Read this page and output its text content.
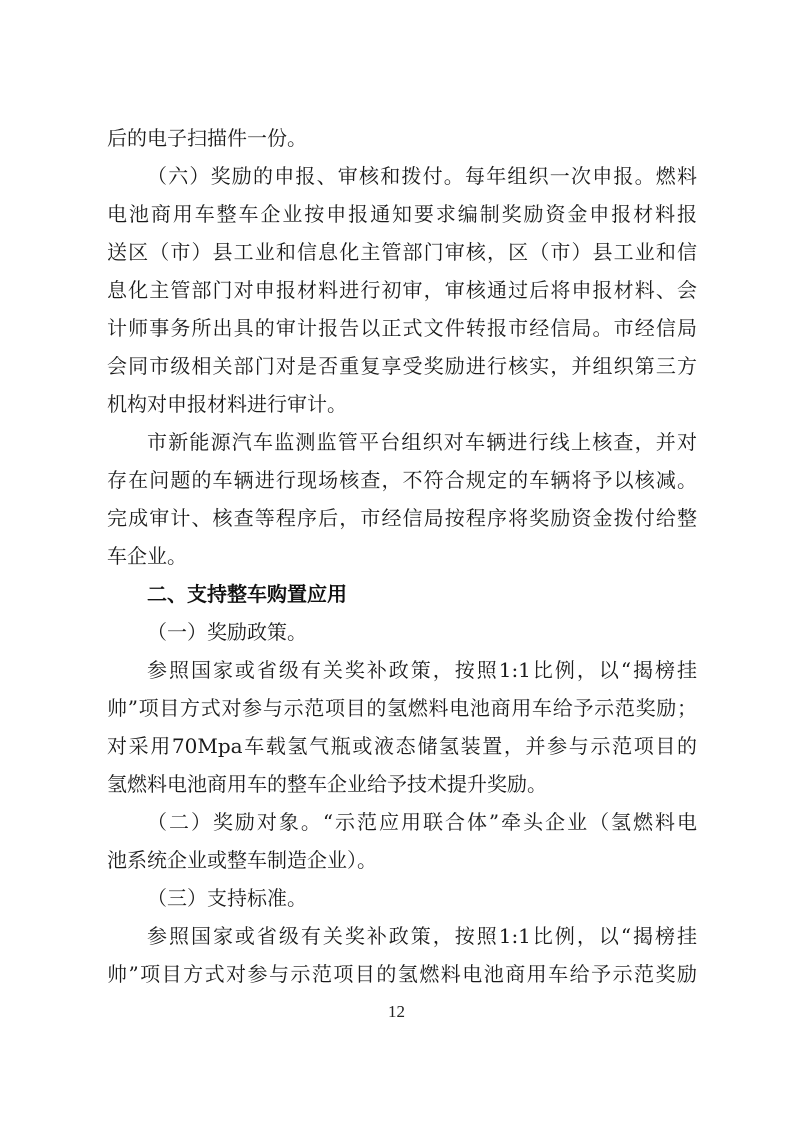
后的电子扫描件一份。
（六）奖励的申报、审核和拨付。每年组织一次申报。燃料
电池商用车整车企业按申报通知要求编制奖励资金申报材料报
送区（市）县工业和信息化主管部门审核，区（市）县工业和信
息化主管部门对申报材料进行初审，审核通过后将申报材料、会
计师事务所出具的审计报告以正式文件转报市经信局。市经信局
会同市级相关部门对是否重复享受奖励进行核实，并组织第三方
机构对申报材料进行审计。
市新能源汽车监测监管平台组织对车辆进行线上核查，并对
存在问题的车辆进行现场核查，不符合规定的车辆将予以核减。
完成审计、核查等程序后，市经信局按程序将奖励资金拨付给整
车企业。
二、支持整车购置应用
（一）奖励政策。
参照国家或省级有关奖补政策，按照1:1比例，以“揭榜挂
帅”项目方式对参与示范项目的氢燃料电池商用车给予示范奖励；
对采用70Mpa车载氢气瓶或液态储氢装置，并参与示范项目的
氢燃料电池商用车的整车企业给予技术提升奖励。
（二）奖励对象。“示范应用联合体”牵头企业（氢燃料电
池系统企业或整车制造企业）。
（三）支持标准。
参照国家或省级有关奖补政策，按照1:1比例，以“揭榜挂
帅”项目方式对参与示范项目的氢燃料电池商用车给予示范奖励
12
